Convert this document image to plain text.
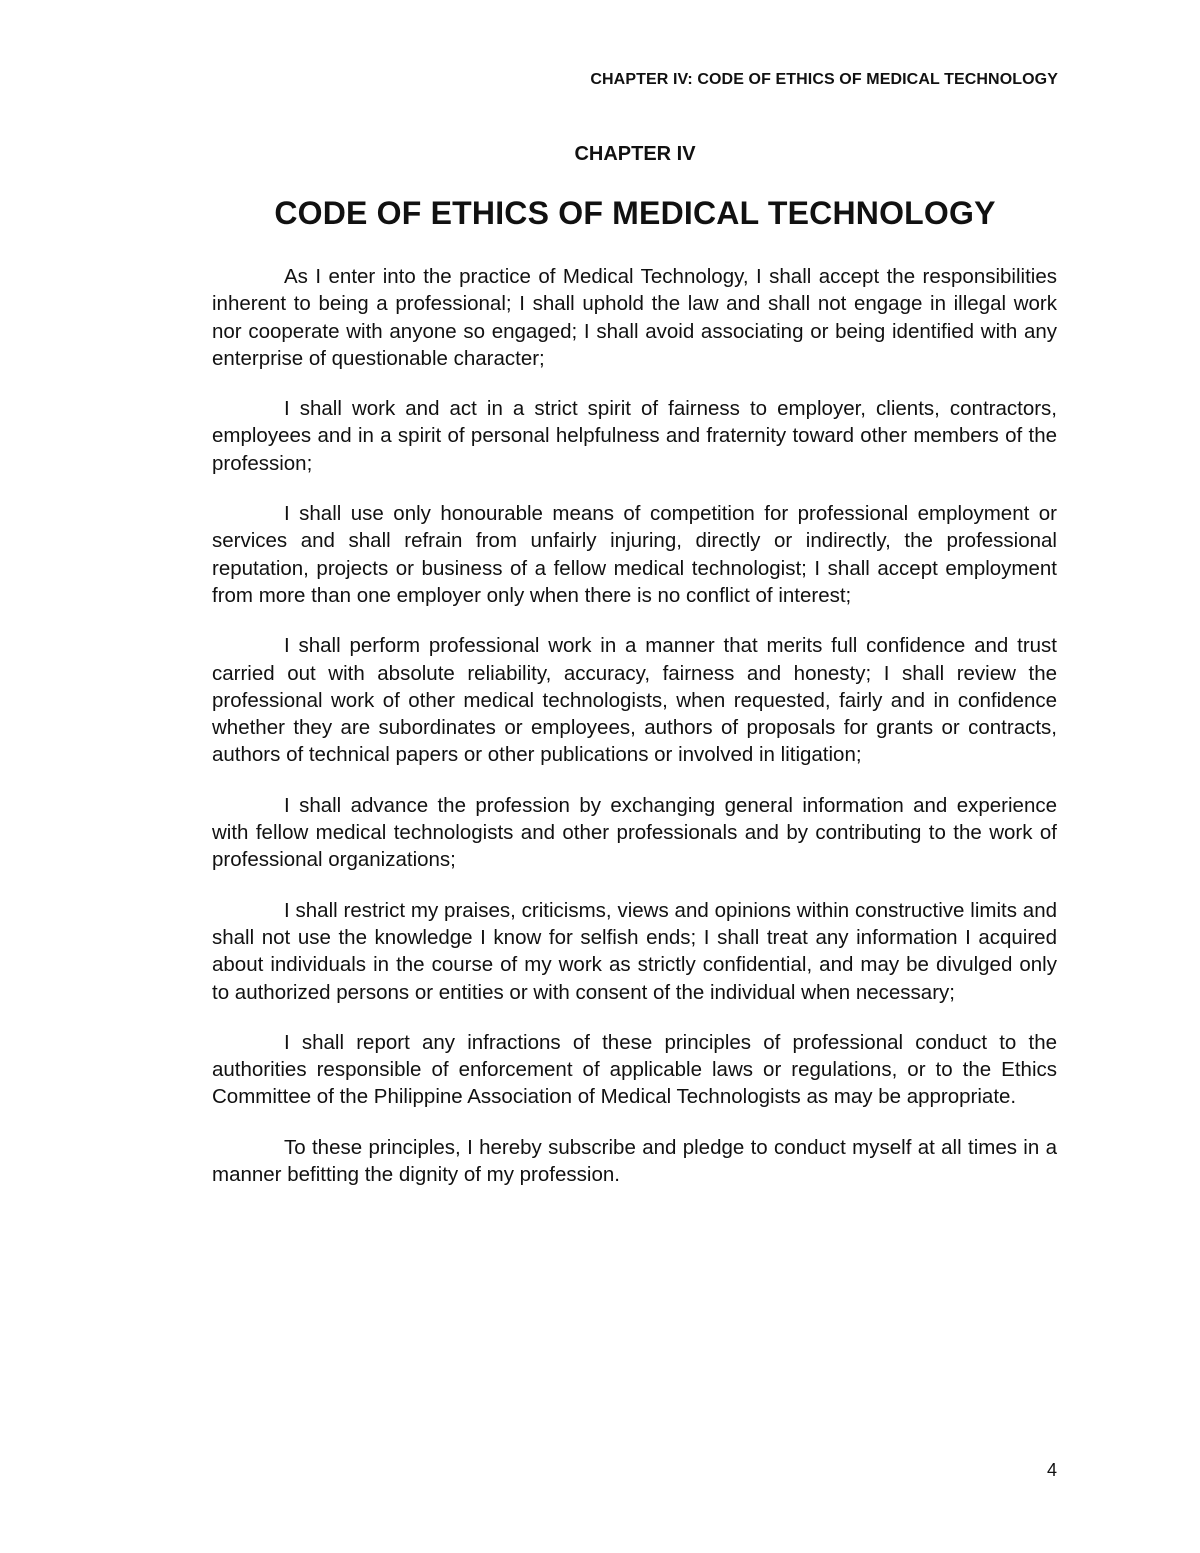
CHAPTER IV: CODE OF ETHICS OF MEDICAL TECHNOLOGY
CHAPTER IV
CODE OF ETHICS OF MEDICAL TECHNOLOGY

As I enter into the practice of Medical Technology, I shall accept the responsibilities inherent to being a professional; I shall uphold the law and shall not engage in illegal work nor cooperate with anyone so engaged; I shall avoid associating or being identified with any enterprise of questionable character;

I shall work and act in a strict spirit of fairness to employer, clients, contractors, employees and in a spirit of personal helpfulness and fraternity toward other members of the profession;

I shall use only honourable means of competition for professional employment or services and shall refrain from unfairly injuring, directly or indirectly, the professional reputation, projects or business of a fellow medical technologist; I shall accept employment from more than one employer only when there is no conflict of interest;

I shall perform professional work in a manner that merits full confidence and trust carried out with absolute reliability, accuracy, fairness and honesty; I shall review the professional work of other medical technologists, when requested, fairly and in confidence whether they are subordinates or employees, authors of proposals for grants or contracts, authors of technical papers or other publications or involved in litigation;

I shall advance the profession by exchanging general information and experience with fellow medical technologists and other professionals and by contributing to the work of professional organizations;

I shall restrict my praises, criticisms, views and opinions within constructive limits and shall not use the knowledge I know for selfish ends; I shall treat any information I acquired about individuals in the course of my work as strictly confidential, and may be divulged only to authorized persons or entities or with consent of the individual when necessary;

I shall report any infractions of these principles of professional conduct to the authorities responsible of enforcement of applicable laws or regulations, or to the Ethics Committee of the Philippine Association of Medical Technologists as may be appropriate.

To these principles, I hereby subscribe and pledge to conduct myself at all times in a manner befitting the dignity of my profession.

4
